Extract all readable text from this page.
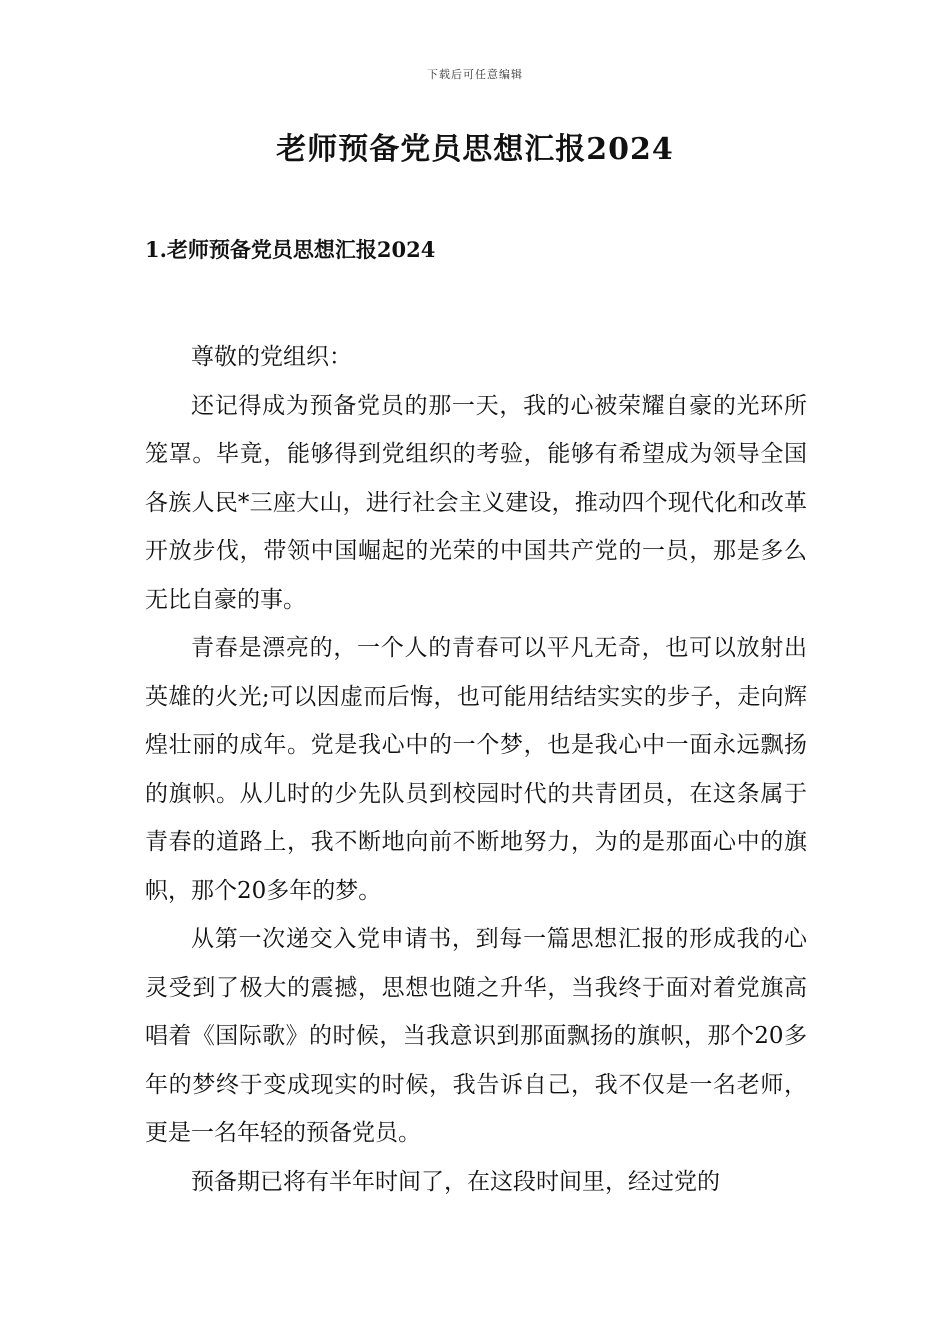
下载后可任意编辑
老师预备党员思想汇报2024
1.老师预备党员思想汇报2024

尊敬的党组织：

还记得成为预备党员的那一天，我的心被荣耀自豪的光环所笼罩。毕竟，能够得到党组织的考验，能够有希望成为领导全国各族人民*三座大山，进行社会主义建设，推动四个现代化和改革开放步伐，带领中国崛起的光荣的中国共产党的一员，那是多么无比自豪的事。

青春是漂亮的，一个人的青春可以平凡无奇，也可以放射出英雄的火光;可以因虚而后悔，也可能用结结实实的步子，走向辉煌壮丽的成年。党是我心中的一个梦，也是我心中一面永远飘扬的旗帜。从儿时的少先队员到校园时代的共青团员，在这条属于青春的道路上，我不断地向前不断地努力，为的是那面心中的旗帜，那个20多年的梦。

从第一次递交入党申请书，到每一篇思想汇报的形成我的心灵受到了极大的震撼，思想也随之升华，当我终于面对着党旗高唱着《国际歌》的时候，当我意识到那面飘扬的旗帜，那个20多年的梦终于变成现实的时候，我告诉自己，我不仅是一名老师，更是一名年轻的预备党员。

预备期已将有半年时间了，在这段时间里，经过党的
